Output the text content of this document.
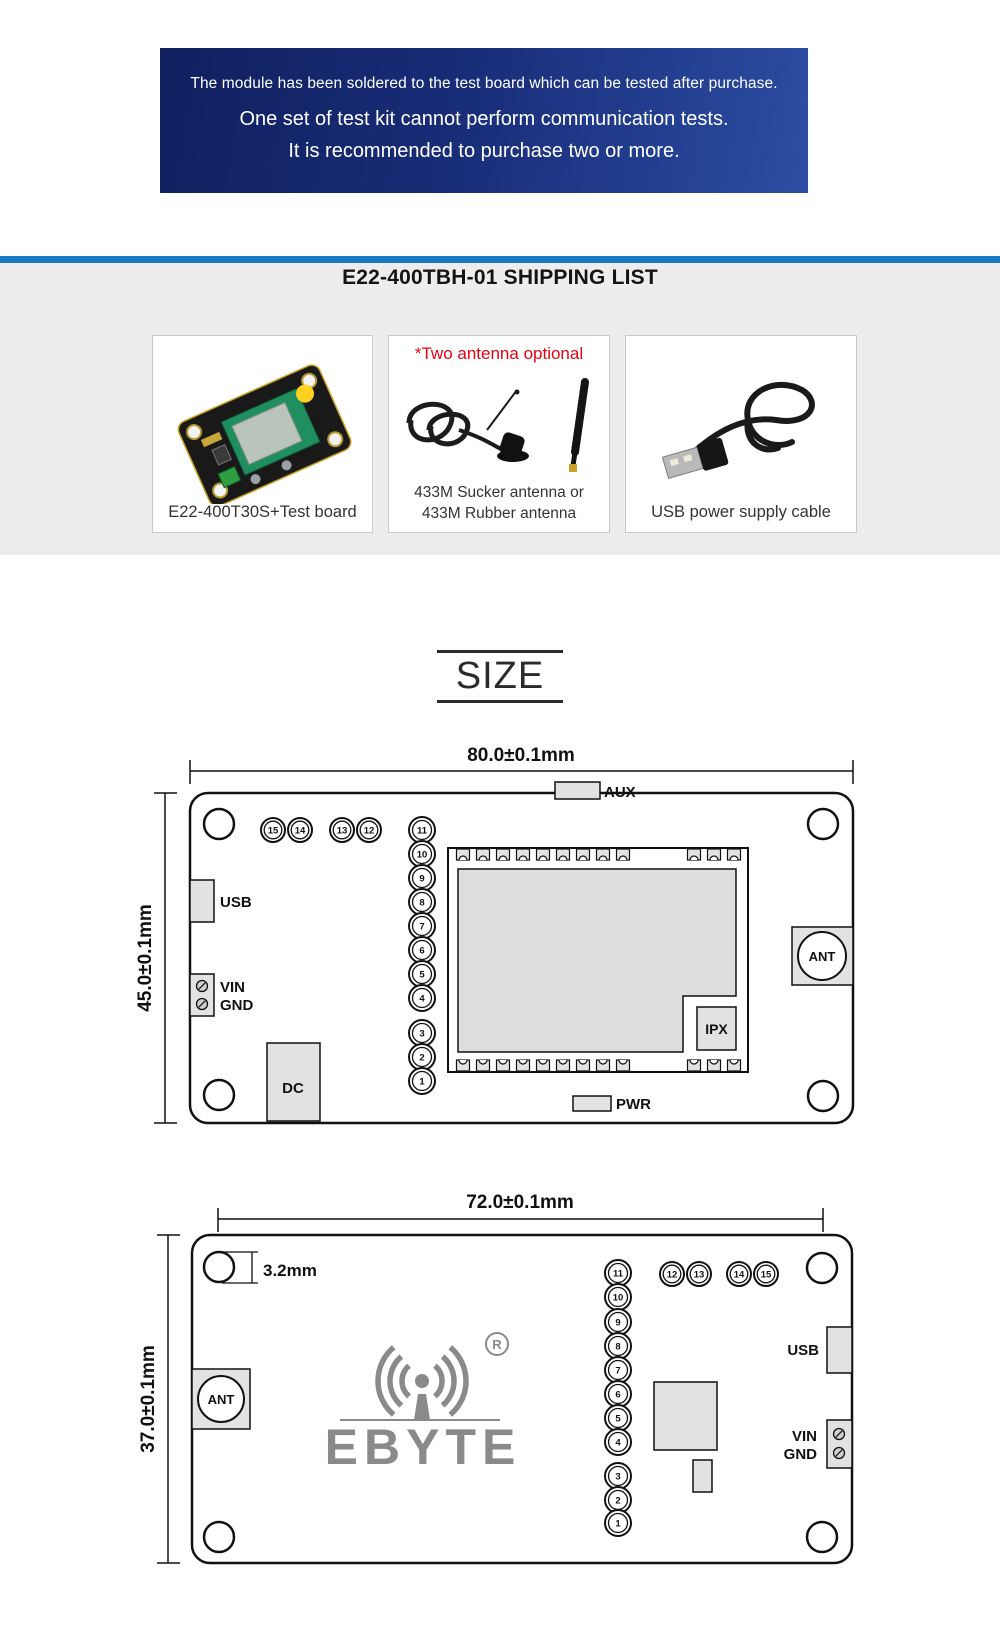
The module has been soldered to the test board which can be tested after purchase.
One set of test kit cannot perform communication tests.
It is recommended to purchase two or more.
E22-400TBH-01 SHIPPING LIST
E22-400T30S+Test board
*Two antenna optional
433M Sucker antenna or
433M Rubber antenna	USB power supply cable
SIZE
80.0±0.1mm
45.0±0.1mm
15 14	13 12	11
10
9
8
7
6
5
4
3
2
1
AUX
IPX
ANT
USB
VIN
GND
DC
PWR
72.0±0.1mm
37.0±0.1mm
3.2mm
ANT
R
EBYTE
11
10
9
8
7
6
5
4
3
2
1
12 13	14 15
USB
VIN
GND
